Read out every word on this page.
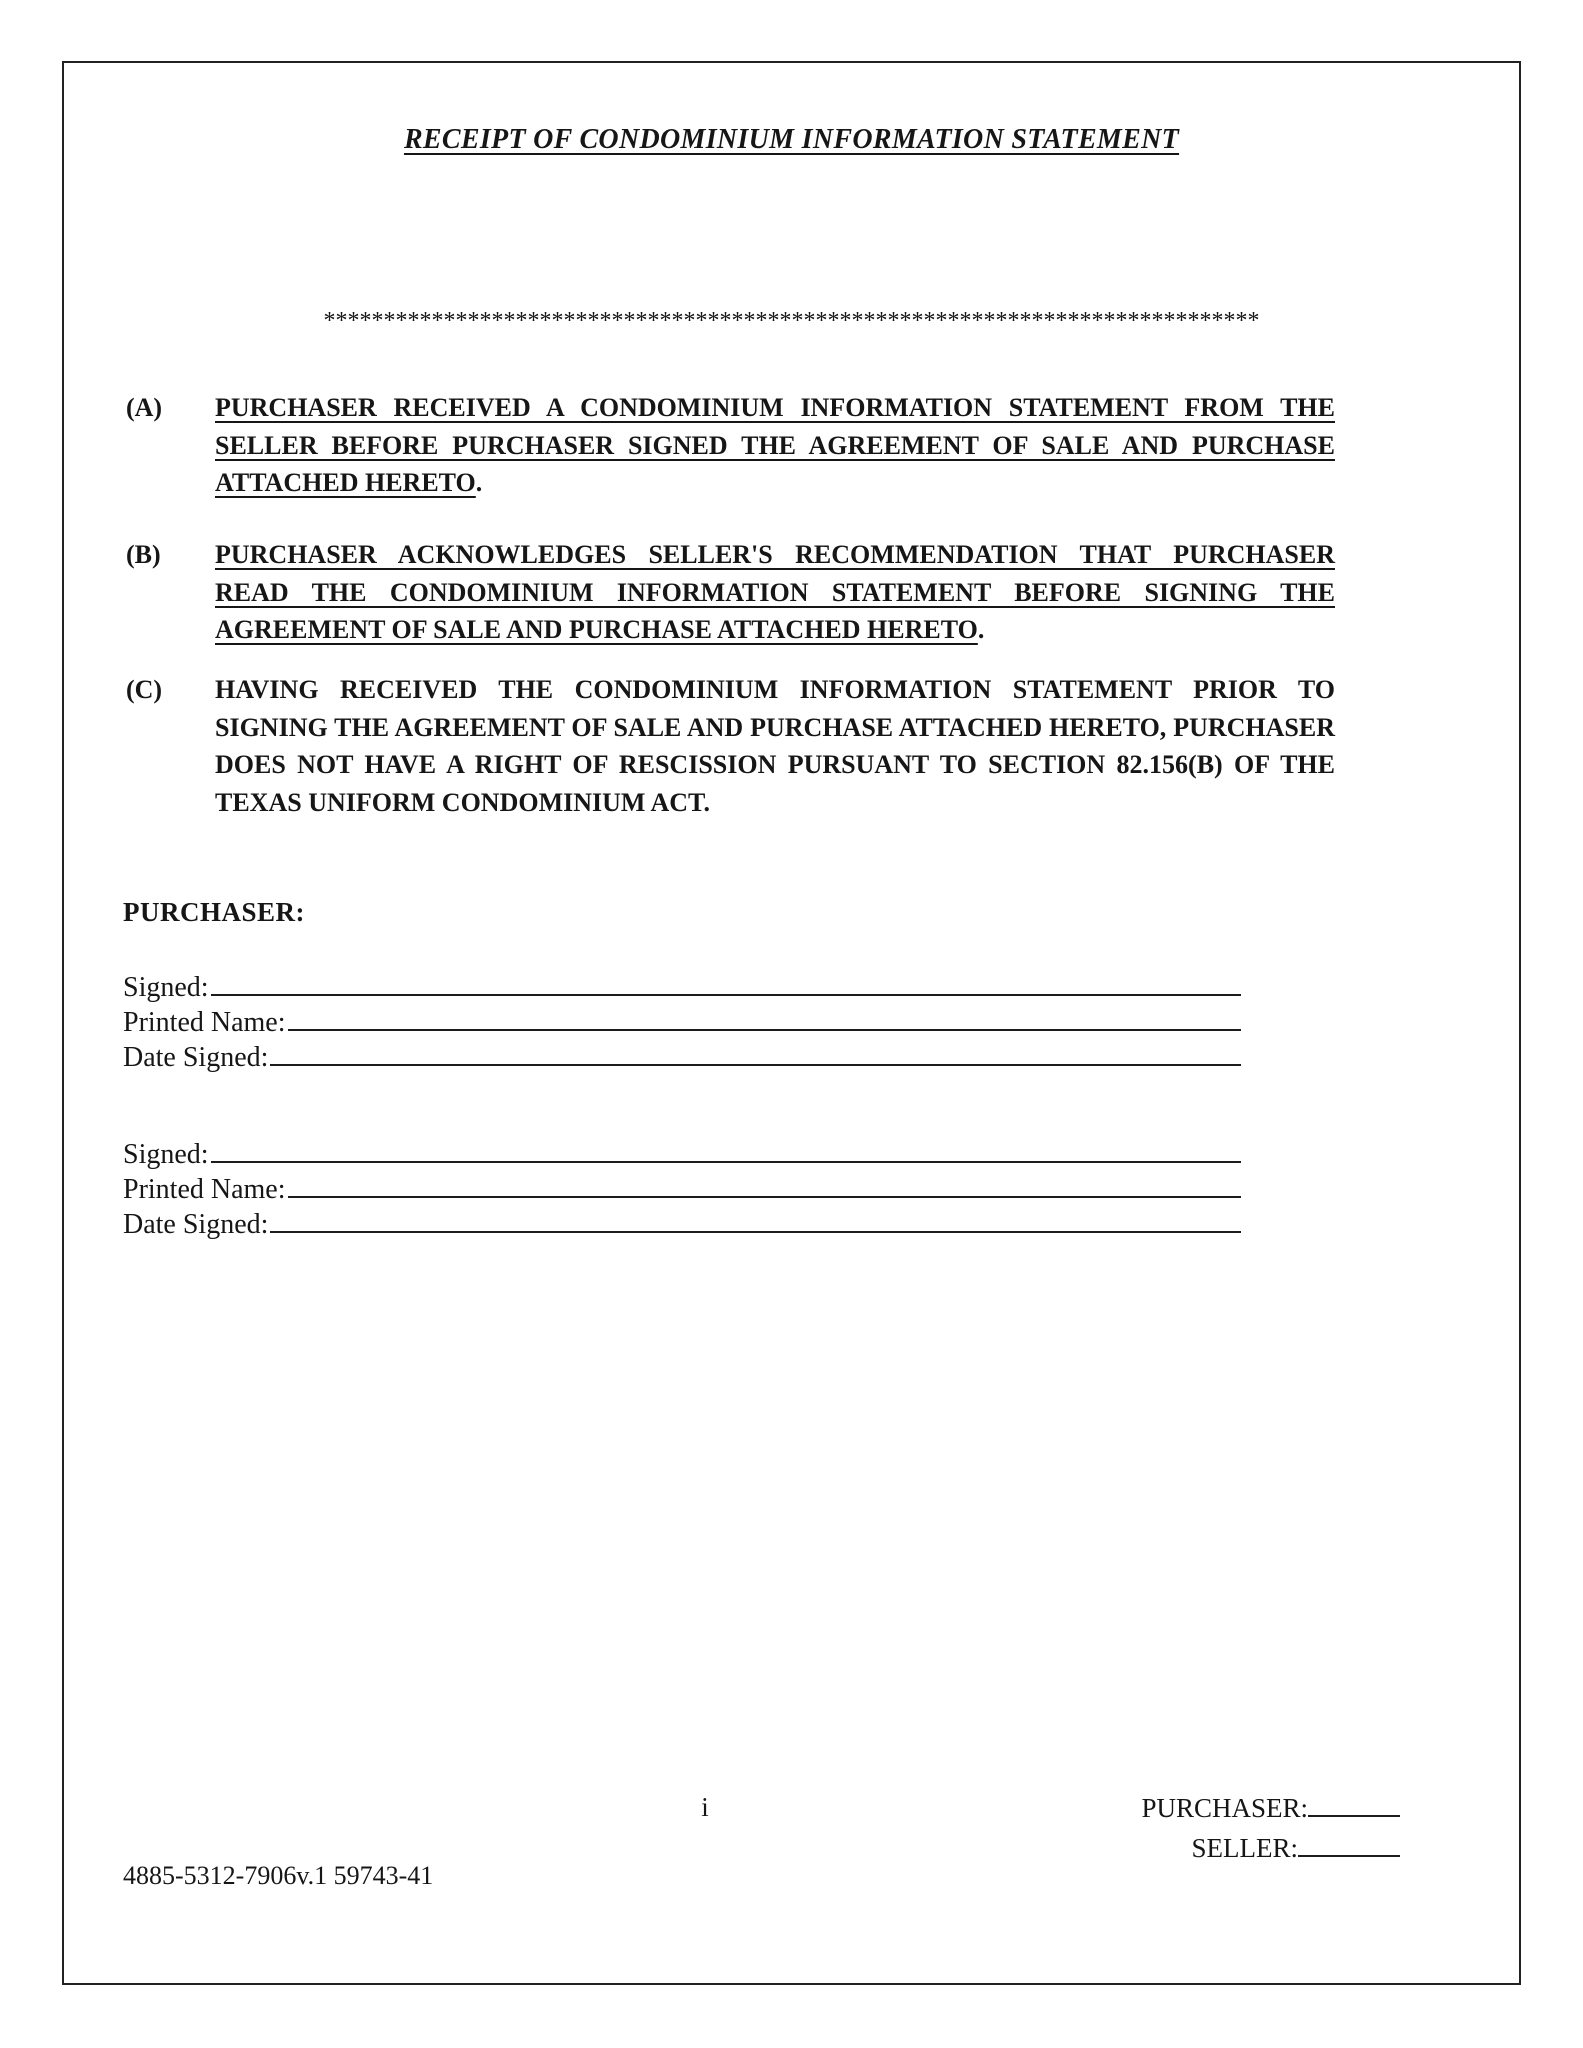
RECEIPT OF CONDOMINIUM INFORMATION STATEMENT
******************************************************************************
(A)	PURCHASER RECEIVED A CONDOMINIUM INFORMATION STATEMENT FROM THE SELLER BEFORE PURCHASER SIGNED THE AGREEMENT OF SALE AND PURCHASE ATTACHED HERETO.
(B)	PURCHASER ACKNOWLEDGES SELLER'S RECOMMENDATION THAT PURCHASER READ THE CONDOMINIUM INFORMATION STATEMENT BEFORE SIGNING THE AGREEMENT OF SALE AND PURCHASE ATTACHED HERETO.
(C)	HAVING RECEIVED THE CONDOMINIUM INFORMATION STATEMENT PRIOR TO SIGNING THE AGREEMENT OF SALE AND PURCHASE ATTACHED HERETO, PURCHASER DOES NOT HAVE A RIGHT OF RESCISSION PURSUANT TO SECTION 82.156(B) OF THE TEXAS UNIFORM CONDOMINIUM ACT.
PURCHASER:
Signed:
Printed Name:
Date Signed:
Signed:
Printed Name:
Date Signed:
i	PURCHASER:
SELLER:
4885-5312-7906v.1 59743-41
